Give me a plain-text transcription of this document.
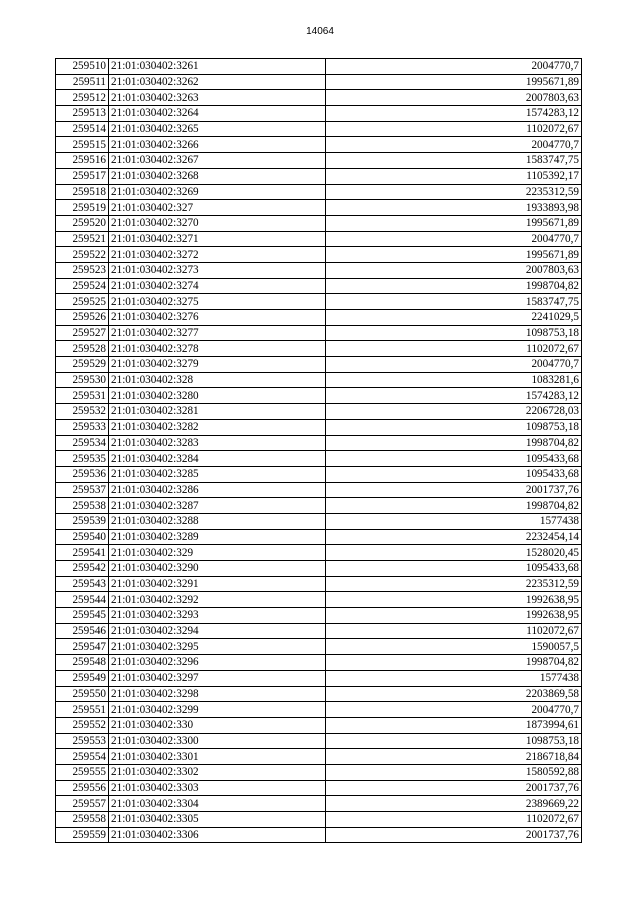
14064
259510	21:01:030402:3261	2004770,7
259511	21:01:030402:3262	1995671,89
259512	21:01:030402:3263	2007803,63
259513	21:01:030402:3264	1574283,12
259514	21:01:030402:3265	1102072,67
259515	21:01:030402:3266	2004770,7
259516	21:01:030402:3267	1583747,75
259517	21:01:030402:3268	1105392,17
259518	21:01:030402:3269	2235312,59
259519	21:01:030402:327	1933893,98
259520	21:01:030402:3270	1995671,89
259521	21:01:030402:3271	2004770,7
259522	21:01:030402:3272	1995671,89
259523	21:01:030402:3273	2007803,63
259524	21:01:030402:3274	1998704,82
259525	21:01:030402:3275	1583747,75
259526	21:01:030402:3276	2241029,5
259527	21:01:030402:3277	1098753,18
259528	21:01:030402:3278	1102072,67
259529	21:01:030402:3279	2004770,7
259530	21:01:030402:328	1083281,6
259531	21:01:030402:3280	1574283,12
259532	21:01:030402:3281	2206728,03
259533	21:01:030402:3282	1098753,18
259534	21:01:030402:3283	1998704,82
259535	21:01:030402:3284	1095433,68
259536	21:01:030402:3285	1095433,68
259537	21:01:030402:3286	2001737,76
259538	21:01:030402:3287	1998704,82
259539	21:01:030402:3288	1577438
259540	21:01:030402:3289	2232454,14
259541	21:01:030402:329	1528020,45
259542	21:01:030402:3290	1095433,68
259543	21:01:030402:3291	2235312,59
259544	21:01:030402:3292	1992638,95
259545	21:01:030402:3293	1992638,95
259546	21:01:030402:3294	1102072,67
259547	21:01:030402:3295	1590057,5
259548	21:01:030402:3296	1998704,82
259549	21:01:030402:3297	1577438
259550	21:01:030402:3298	2203869,58
259551	21:01:030402:3299	2004770,7
259552	21:01:030402:330	1873994,61
259553	21:01:030402:3300	1098753,18
259554	21:01:030402:3301	2186718,84
259555	21:01:030402:3302	1580592,88
259556	21:01:030402:3303	2001737,76
259557	21:01:030402:3304	2389669,22
259558	21:01:030402:3305	1102072,67
259559	21:01:030402:3306	2001737,76
